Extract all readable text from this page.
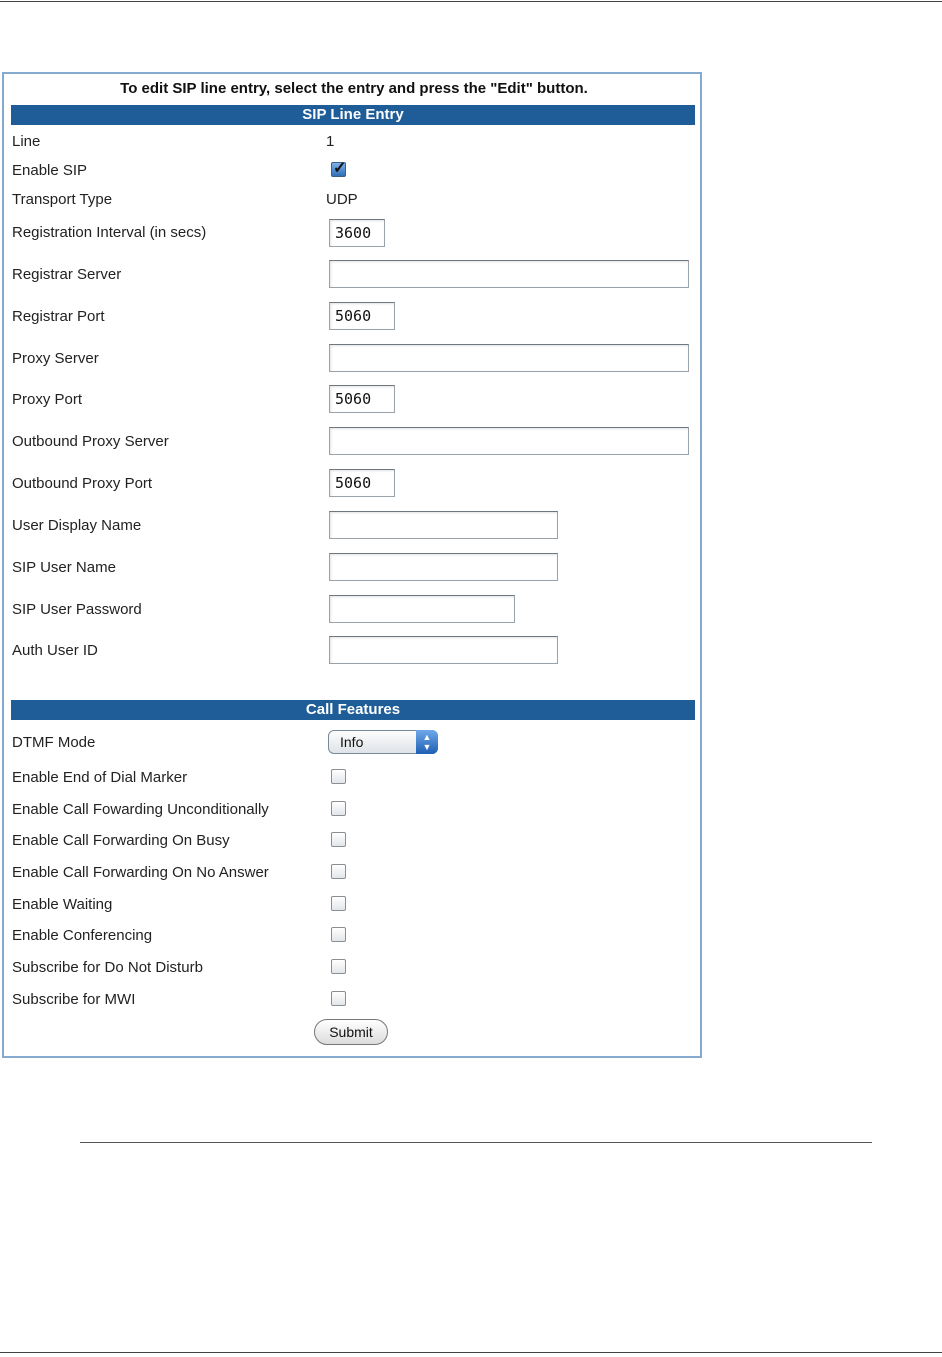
To edit SIP line entry, select the entry and press the "Edit" button.
SIP Line Entry
Line	1
Enable SIP	✓
Transport Type	UDP
Registration Interval (in secs)	3600
Registrar Server
Registrar Port	5060
Proxy Server
Proxy Port	5060
Outbound Proxy Server
Outbound Proxy Port	5060
User Display Name
SIP User Name
SIP User Password
Auth User ID
Call Features
DTMF Mode	Info	▲
▼
Enable End of Dial Marker
Enable Call Fowarding Unconditionally
Enable Call Forwarding On Busy
Enable Call Forwarding On No Answer
Enable Waiting
Enable Conferencing
Subscribe for Do Not Disturb
Subscribe for MWI
Submit
